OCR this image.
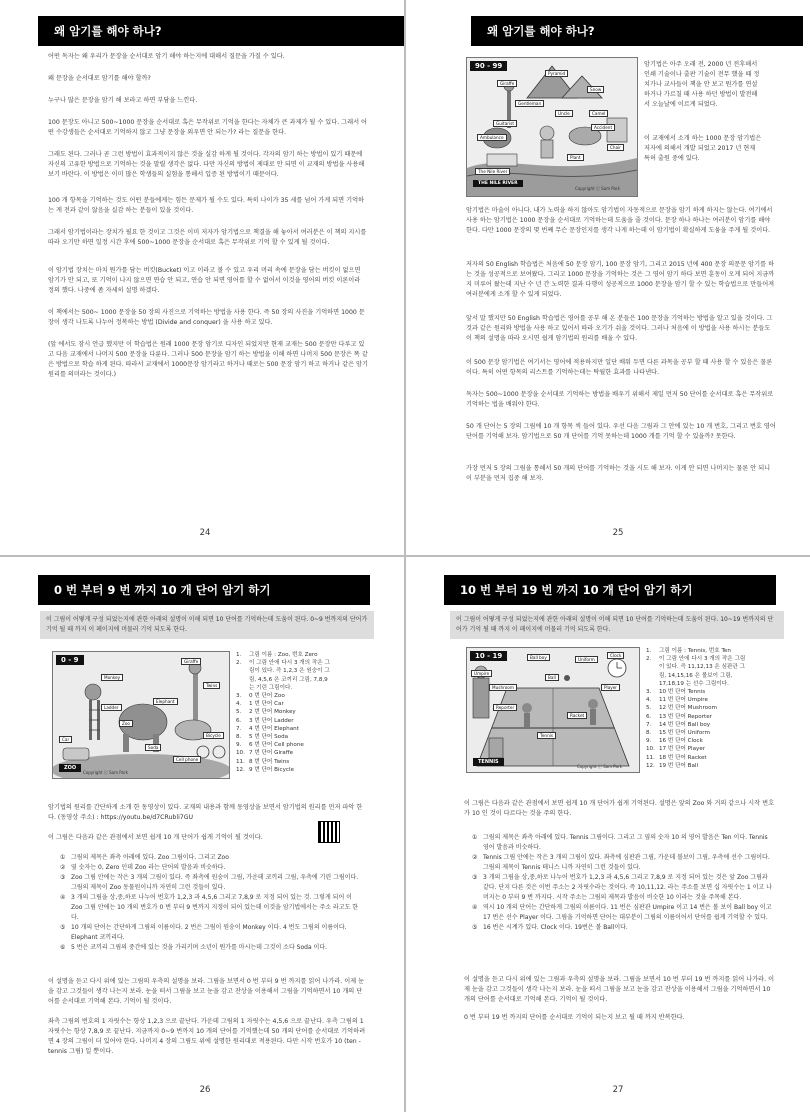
왜 암기를 해야 하나?

어떤 독자는 왜 우리가 문장을 순서대로 암기 해야 하는지에 대해서 질문을 가질 수 있다.

왜 문장을 순서대로 암기를 해야 할까?

누구나 많은 문장을 암기 해 보라고 하면 부담을 느낀다.

100 문장도 아니고 500~1000 문장을 순서대로 혹은 무작위로 기억을 한다는 자체가 큰 과제가 될 수 있다. 그래서 어떤 수강생들은 순서대로 기억하지 않고 그냥 문장을 외우면 안 되는가? 라는 질문을 한다.

그래도 된다. 그러나 곧 그런 방법이 효과적이지 않은 것을 실감 하게 될 것이다. 각자의 암기 하는 방법이 있기 때문에 자신의 고유한 방법으로 기억하는 것을 말릴 생각은 없다. 다만 자신의 방법이 제대로 안 되면 이 교재의 방법을 사용해 보기 바란다. 이 방법은 이미 많은 학생들의 실험을 통해서 입증 된 방법이기 때문이다.

100 개 항목을 기억하는 것도 어떤 분들에게는 힘든 문제가 될 수도 있다. 특히 나이가 35 세를 넘어 가게 되면 기억하는 게 전과 같이 않음을 실감 하는 분들이 있을 것이다.

그래서 암기법이라는 장치가 필요 한 것이고 그것은 이미 저자가 암기법으로 책결을 해 놓아서 여러분은 이 책의 지시를 따라 오기만 하면 일정 시간 후에 500~1000 문장을 순서대로 혹은 무작위로 기억 할 수 있게 될 것이다.

이 암기법 장치는 마치 뭔가를 담는 버킷(Bucket) 이고 이라고 볼 수 있고 우리 머리 속에 문장을 담는 버킷이 없으면 암기가 안 되고, 또 기억이 나지 않으면 연습 안 되고, 연습 안 되면 영어를 할 수 없어서 이것을 영어의 버킷 이론이라 정의 했다. 나중에 좀 자세히 설명 하겠다.

이 책에서는 500~ 1000 문장을 50 장의 사진으로 기억하는 방법을 사용 한다. 즉 50 장의 사진을 기억하면 1000 문장이 생각 나도록 나누어 정복하는 방법 (Divide and conquer) 을 사용 하고 있다.

(앞 에서도 잠시 언급 했지만 이 학습법은 원래 1000 문장 암기로 디자인 되었지만 현재 교재는 500 문장만 다루고 있고 다음 교재에서 나머지 500 문장을 다룬다. 그러나 500 문장을 암기 하는 방법을 이해 하면 나머지 500 문장은 똑 같은 방법으로 학습 하게 된다. 따라서 교재에서 1000문장 암기라고 하거나 때로는 500 문장 암기 하고 하거나 같은 암기원리를 의미라는 것이다.)

24
왜 암기를 해야 하나?
90 - 99
Pyramid
Giraffe
Snow
Gentleman
Uncle	Camel
Guitarist
Accident
Ambulance
The Nile River
Chair
Plant
THE NILE RIVER
Copyright ⓒ Sam Park

암기법은 아주 오래 전, 2000 년 전후해서 인쇄 기술이나 출판 기술이 전무 했을 때 정치가나 교사들이 책을 안 보고 뭔가를 연설하거나 가르칠 때 사용 하던 방법이 발전해서 오늘날에 이르게 되었다.

이 교재에서 소개 하는 1000 문장 암기법은 저자에 의해서 개발 되었고 2017 년 현재 특허 출원 중에 있다.

암기법은 마술이 아니다. 내가 노력을 하지 않아도 암기법이 자동적으로 문장을 암기 하게 하지는 않는다. 여기에서 사용 하는 암기법은 1000 문장을 순서대로 기억하는데 도움을 줄 것이다. 문장 하나 하나는 여러분이 암기를 해야 한다. 다만 1000 문장의 몇 번째 무슨 문장인지를 생각 나게 하는데 이 암기법이 확실하게 도움을 주게 될 것이다.

저자의 50 English 학습법은 처음에 50 문장 암기, 100 문장 암기, 그리고 2015 년에 400 문장 의문문 암기를 하는 것을 성공적으로 보여왔다. 그리고 1000 문장을 기억하는 것은 그 영어 암기 하다 보면 훈동이 오게 되어 지금까지 미루어 왔는데 지난 수 년 간 노력한 결과 다행이 성공적으로 1000 문장을 암기 할 수 있는 학습법으로 만들어져 여러분에게 소개 할 수 있게 되었다.

앞서 말 했지만 50 English 학습법은 영어를 공부 해 온 분들은 100 문장을 기억하는 방법을 알고 있을 것이다. 그것과 같은 원리와 방법을 사용 하고 있어서 따라 오기가 쉬울 것이다. 그러나 처음에 이 방법을 사용 하시는 분들도 이 책의 설명을 따라 오시면 쉽게 암기법의 원리를 배울 수 있다.

이 500 문장 암기법은 여기서는 영어에 적용하지만 일단 배워 두면 다른 과목을 공부 할 때 사용 할 수 있음은 물론이다. 특히 어떤 항목의 리스트를 기억하는데는 탁월한 효과를 나타낸다.

독자는 500~1000 문장을 순서대로 기억하는 방법을 배우기 위해서 제일 먼저 50 단어를 순서대로 혹은 무작위로 기억하는 법을 배워야 한다.

50 개 단어는 5 장의 그림에 10 개 항목 씩 들어 있다. 우선 다음 그림과 그 안에 있는 10 개 번호, 그리고 번호 영어 단어를 기억해 보자. 암기법으로 50 개 단어를 기억 못하는데 1000 개를 기억 할 수 있을까? 못한다.

가장 먼저 5 장의 그림을 통해서 50 개의 단어를 기억하는 것을 시도 해 보자. 이게 안 되면 나머지는 물론 안 되니 이 부분을 먼저 집중 해 보자.

25
0 번 부터 9 번 까지 10 개 단어 암기 하기
이 그림이 어떻게 구성 되었는지에 관한 아래의 설명이 이해 되면 10 단어를 기억하는데 도움이 된다. 0~9 번까지의 단어가 기억 될 때 까지 이 페이지에 머물러 기억 되도록 한다.
0 - 9	Giraffe
Monkey
Twins
Ladder
Elephant
Bicycle
Car
Soda
Cell phone
Zoo
ZOO
Copyright ⓒ Sam Park
1.	그림 이름 : Zoo, 번호 Zero
2.	이 그림 안에 다시 3 개의 작은 그림이 있다. 즉 1,2,3 은 원숭이 그림, 4,5,6 은 코끼리 그림, 7,8,9 는 기린 그림이다.
3.	0 번 단어 Zoo
4.	1 번 단어 Car
5.	2 번 단어 Monkey
6.	3 번 단어 Ladder
7.	4 번 단어 Elephant
8.	5 번 단어 Soda
9.	6 번 단어 Cell phone
10. 7 번 단어 Giraffe
11. 8 번 단어 Twins
12. 9 번 단어 Bicycle

암기법의 원리를 간단하게 소개 한 동영상이 있다. 교재의 내용과 함께 동영상을 보면서 암기법의 원리를 먼저 파악 한다. (동영상 주소) : https://youtu.be/d7CRubli7GU

이 그림은 다음과 같은 관점에서 보면 쉽게 10 개 단어가 쉽게 기억이 될 것이다.

① 그림의 제목은 좌측 아래에 있다. Zoo 그림이다. 그리고 Zoo
② 옆 숫자는 0, Zero 인데 Zoo 라는 단어의 발음과 비슷하다.
③ Zoo 그림 안에는 작은 3 개의 그림이 있다. 즉 좌측에 원숭이 그림, 가운데 코끼리 그림, 우측에 기린 그림이다. 그림의 제목이 Zoo 동물원이니까 자연히 그런 것들이 있다.
④ 3 개의 그림을 상,중,하로 나누어 번호가 1,2,3 과 4,5,6 그리고 7,8,9 로 지정 되어 있는 것. 그렇게 되어 이 Zoo 그림 안에는 10 개의 번호가 0 번 부터 9 번까지 지정이 되어 있는데 이것을 암기법에서는 주소 라고도 한다.
⑤ 10 개의 단어는 간단하게 그림의 이름이다. 2 번은 그림이 원숭이 Monkey 이다. 4 번도 그림의 이름이다. Elephant 코끼리다.
⑥ 5 번은 코끼리 그림의 중간에 있는 것을 가리키며 소년이 뭔가를 마시는데 그것이 소다 Soda 이다.

이 설명을 듣고 다시 위에 있는 그림의 우측의 설명을 보라. 그림을 보면서 0 번 부터 9 번 까지를 읽어 나가라. 이제 눈을 감고 그것들이 생각 나는지 보라. 눈을 떠서 그림을 보고 눈을 감고 잔상을 이용해서 그림을 기억하면서 10 개의 단어를 순서대로 기억해 본다. 기억이 될 것이다.

좌측 그림의 번호의 1 자릿수는 항상 1,2,3 으로 끝난다. 가운데 그림의 1 자릿수는 4,5,6 으로 끝난다. 우측 그림의 1 자릿수는 항상 7,8,9 로 끝난다. 지금까지 0~9 번까지 10 개의 단어를 기억했는데 50 개의 단어를 순서대로 기억하려면 4 장의 그림이 더 있어야 한다. 나머지 4 장의 그림도 위에 설명한 원리대로 적용된다. 다만 시작 번호가 10 (ten - tennis 그림) 일 뿐이다.

26
10 번 부터 19 번 까지 10 개 단어 암기 하기
이 그림이 어떻게 구성 되었는지에 관한 아래의 설명이 이해 되면 10 단어를 기억하는데 도움이 된다. 10~19 번까지의 단어가 기억 될 때 까지 이 페이지에 머물러 기억 되도록 한다.
10 - 19	Ball boy
Umpire
Mushroom
Reporter
Uniform
Player
Clock
Racket
Ball
Tennis
TENNIS
Copyright ⓒ Sam Park
1.	그림 이름 : Tennis, 번호 Ten
2.	이 그림 안에 다시 3 개의 작은 그림이 있다. 즉 11,12,13 은 심판관 그림, 14,15,16 은 볼보이 그림, 17,18,19 는 선수 그림이다.
3.	10 번 단어 Tennis
4.	11 번 단어 Umpire
5.	12 번 단어 Mushroom
6.	13 번 단어 Reporter
7.	14 번 단어 Ball boy
8.	15 번 단어 Uniform
9.	16 번 단어 Clock
10. 17 번 단어 Player
11. 18 번 단어 Racket
12. 19 번 단어 Ball

이 그림은 다음과 같은 관점에서 보면 쉽게 10 개 단어가 쉽게 기억된다. 설명은 앞의 Zoo 와 거의 같으나 시작 번호가 10 인 것이 다르다는 것을 주의 한다.

① 그림의 제목은 좌측 아래에 있다. Tennis 그림이다. 그리고 그 옆의 숫자 10 의 영어 발음은 Ten 이다. Tennis 영어 발음과 비슷하다.
② Tennis 그림 안에는 작은 3 개의 그림이 있다. 좌측에 심판관 그림, 가운데 볼보이 그림, 우측에 선수 그림이다. 그림의 제목이 Tennis 테니스 니까 자연히 그런 것들이 있다.
③ 3 개의 그림을 상,중,하로 나누어 번호가 1,2,3 과 4,5,6 그리고 7,8,9 로 지정 되어 있는 것은 앞 Zoo 그림과 같다. 단지 다른 것은 이번 주소는 2 자릿수라는 것이다. 즉 10,11,12. 라는 주소를 보면 십 자릿수는 1 이고 나머지는 0 부터 9 번 까지다. 시작 주소는 그림의 제목과 발음이 비슷한 10 이라는 것을 주목해 본다.
④ 역시 10 개의 단어는 간단하게 그림의 이름이다. 11 번은 심판관 Umpire 이고 14 번은 볼 보이 Ball boy 이고 17 번은 선수 Player 이다. 그림을 기억하면 단어는 대부분이 그림의 이름이어서 단어를 쉽게 기억할 수 있다.
⑤ 16 번은 시계가 있다. Clock 이다. 19번은 볼 Ball이다.

이 설명을 듣고 다시 위에 있는 그림과 우측의 설명을 보라. 그림을 보면서 10 번 부터 19 번 까지를 읽어 나가라. 이제 눈을 감고 그것들이 생각 나는지 보라. 눈을 떠서 그림을 보고 눈을 감고 잔상을 이용해서 그림을 기억하면서 10 개의 단어를 순서대로 기억해 본다. 기억이 될 것이다.

0 번 부터 19 번 까지의 단어를 순서대로 기억이 되는지 보고 될 때 까지 반복한다.

27
